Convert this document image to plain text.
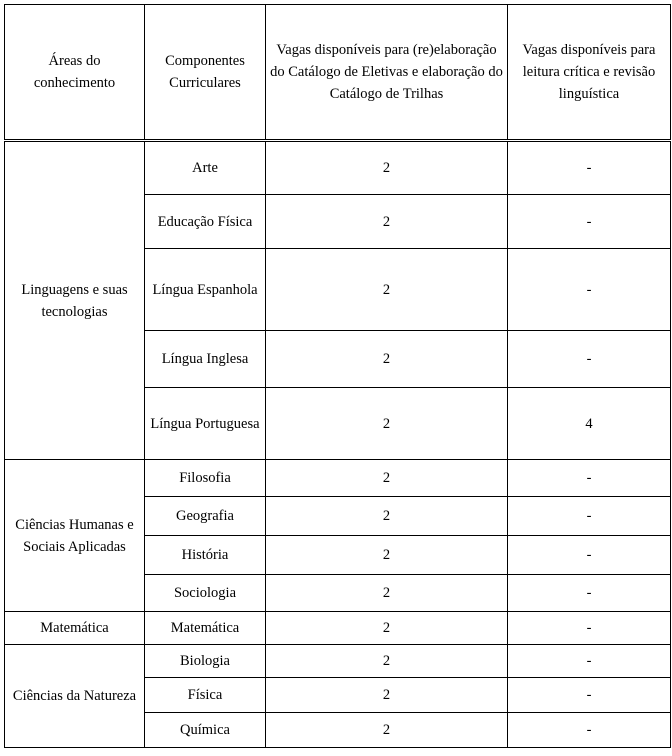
Áreas do conhecimento	Componentes Curriculares	Vagas disponíveis para (re)elaboração do Catálogo de Eletivas e elaboração do Catálogo de Trilhas	Vagas disponíveis para leitura crítica e revisão linguística
Linguagens e suas tecnologias	Arte	2	-
	Educação Física	2	-
	Língua Espanhola	2	-
	Língua Inglesa	2	-
	Língua Portuguesa	2	4
Ciências Humanas e Sociais Aplicadas	Filosofia	2	-
	Geografia	2	-
	História	2	-
	Sociologia	2	-
Matemática	Matemática	2	-
Ciências da Natureza	Biologia	2	-
	Física	2	-
	Química	2	-
